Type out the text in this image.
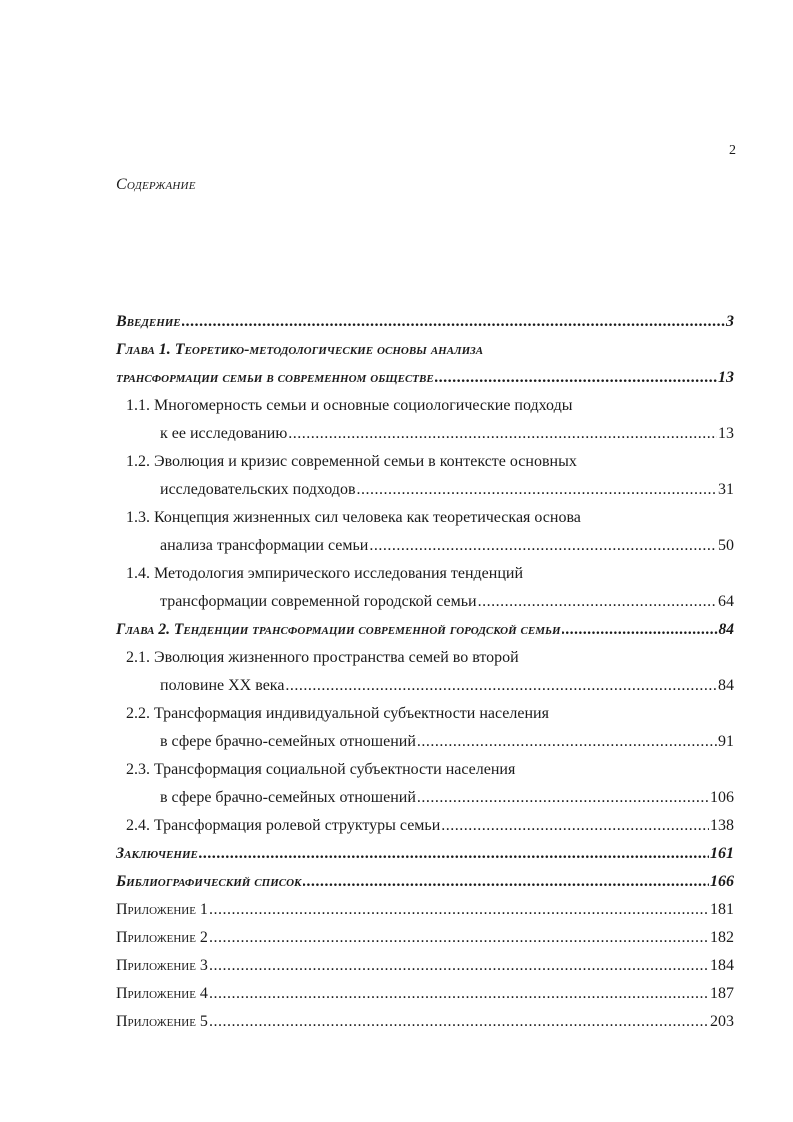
2
Содержание
Введение .....	3
Глава 1. Теоретико-методологические основы анализа
трансформации семьи в современном обществе .....	13
1.1. Многомерность семьи и основные социологические подходы
к ее исследованию .....	13
1.2. Эволюция и кризис современной семьи в контексте основных
исследовательских подходов .....	31
1.3. Концепция жизненных сил человека как теоретическая основа
анализа трансформации семьи .....	50
1.4. Методология эмпирического исследования тенденций
трансформации современной городской семьи .....	64
Глава 2. Тенденции трансформации современной городской семьи .....	84
2.1. Эволюция жизненного пространства семей во второй
половине XX века .....	84
2.2. Трансформация индивидуальной субъектности населения
в сфере брачно-семейных отношений .....	91
2.3. Трансформация социальной субъектности населения
в сфере брачно-семейных отношений .....	106
2.4. Трансформация ролевой структуры семьи .....	138
Заключение .....	161
Библиографический список .....	166
Приложение 1 .....	181
Приложение 2 .....	182
Приложение 3 .....	184
Приложение 4 .....	187
Приложение 5 .....	203
